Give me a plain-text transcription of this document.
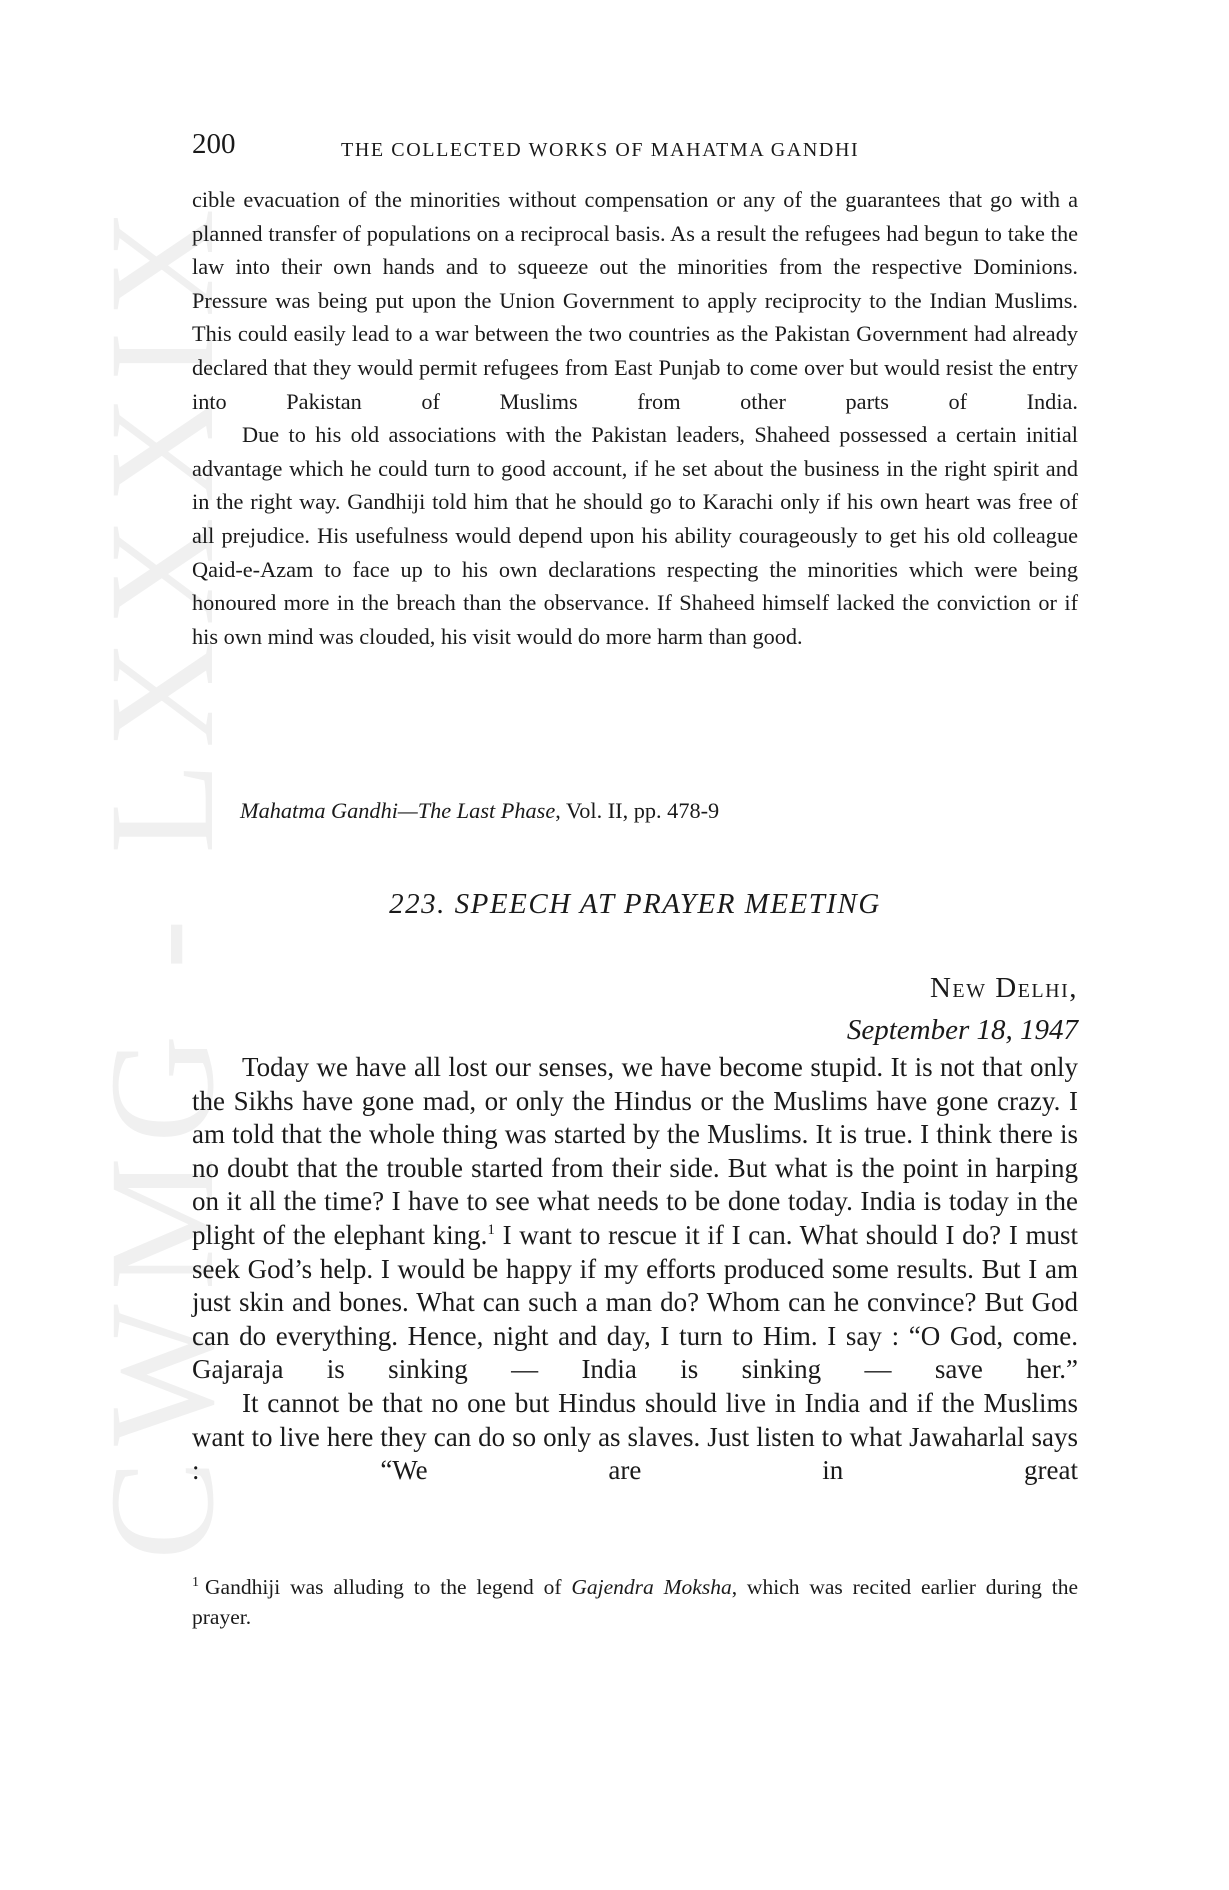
CWMG - LXXXIX
200	THE COLLECTED WORKS OF MAHATMA GANDHI

cible evacuation of the minorities without compensation or any of the guarantees that go with a planned transfer of populations on a reciprocal basis. As a result the refugees had begun to take the law into their own hands and to squeeze out the minorities from the respective Dominions. Pressure was being put upon the Union Government to apply reciprocity to the Indian Muslims. This could easily lead to a war between the two countries as the Pakistan Government had already declared that they would permit refugees from East Punjab to come over but would resist the entry into Pakistan of Muslims from other parts of India.

Due to his old associations with the Pakistan leaders, Shaheed possessed a certain initial advantage which he could turn to good account, if he set about the business in the right spirit and in the right way. Gandhiji told him that he should go to Karachi only if his own heart was free of all prejudice. His usefulness would depend upon his ability courageously to get his old colleague Qaid-e-Azam to face up to his own declarations respecting the minorities which were being honoured more in the breach than the observance. If Shaheed himself lacked the conviction or if his own mind was clouded, his visit would do more harm than good.

Mahatma Gandhi—The Last Phase, Vol. II, pp. 478-9
223. SPEECH AT PRAYER MEETING
New Delhi,
September 18, 1947

Today we have all lost our senses, we have become stupid. It is not that only the Sikhs have gone mad, or only the Hindus or the Muslims have gone crazy. I am told that the whole thing was started by the Muslims. It is true. I think there is no doubt that the trouble started from their side. But what is the point in harping on it all the time? I have to see what needs to be done today. India is today in the plight of the elephant king.$^1$ I want to rescue it if I can. What should I do? I must seek God’s help. I would be happy if my efforts produced some results. But I am just skin and bones. What can such a man do? Whom can he convince? But God can do everything. Hence, night and day, I turn to Him. I say : “O God, come. Gajaraja is sinking — India is sinking — save her.”

It cannot be that no one but Hindus should live in India and if the Muslims want to live here they can do so only as slaves. Just listen to what Jawaharlal says : “We are in great

$^1$ Gandhiji was alluding to the legend of Gajendra Moksha, which was recited earlier during the prayer.
